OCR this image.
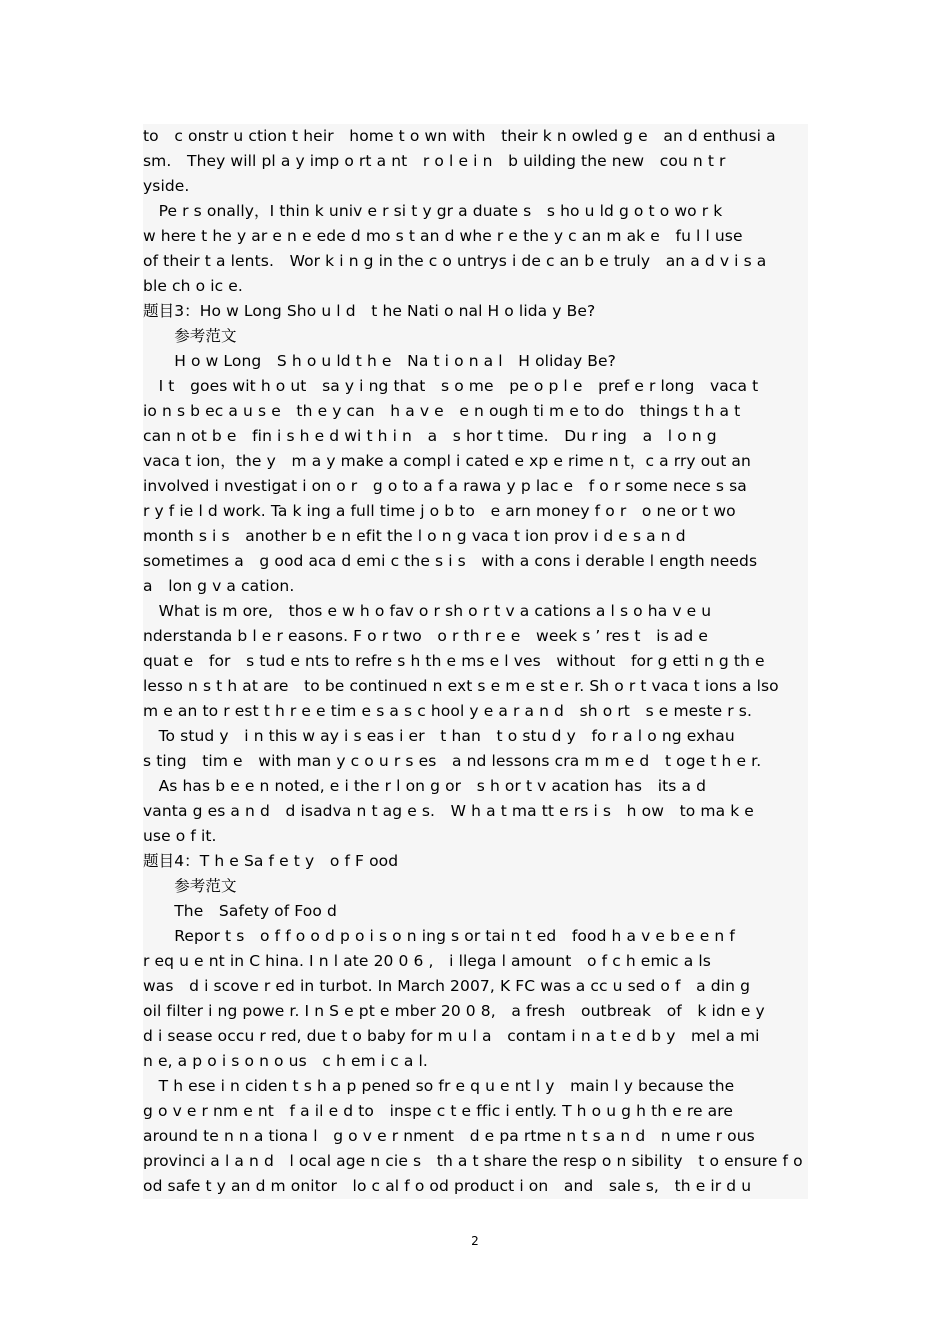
to　c onstr u ction t heir　home t o wn with　their k n owled g e　an d enthusi a
sm.　They will pl a y imp o rt a nt　r o l e i n　b uilding the new　cou n t r
yside.
　Pe r s onally，I thin k univ e r si t y gr a duate s　s ho u ld g o t o wo r k
w here t he y ar e n e ede d mo s t an d whe r e the y c an m ak e　fu l l use
of their t a lents.　Wor k i n g in the c o untrys i de c an b e truly　an a d v i s a
ble ch o ic e.
题目3：Ho w Long Sho u l d　t he Nati o nal H o lida y Be?
　　参考范文
　　H o w Long　S h o u ld t h e　Na t i o n a l　H oliday Be?
　I t　goes wit h o ut　sa y i ng that　s o me　pe o p l e　pref e r long　vaca t
io n s b ec a u s e　th e y can　h a v e　e n ough ti m e to do　things t h a t
can n ot b e　fin i s h e d wi t h i n　a　s hor t time.　Du r ing　a　l o n g
vaca t ion，the y　m a y make a compl i cated e xp e rime n t，c a rry out an
involved i nvestigat i on o r　g o to a f a rawa y p lac e　f o r some nece s sa
r y f ie l d work. Ta k ing a full time j o b to　e arn money f o r　o ne or t wo
month s i s　another b e n efit the l o n g vaca t ion prov i d e s a n d
sometimes a　g ood aca d emi c the s i s　with a cons i derable l ength needs
a　lon g v a cation.
　What is m ore,　thos e w h o fav o r sh o r t v a cations a l s o ha v e u
nderstanda b l e r easons. F o r two　o r th r e e　week s ’ res t　is ad e
quat e　for　s tud e nts to refre s h th e ms e l ves　without　for g etti n g th e
lesso n s t h at are　to be continued n ext s e m e st e r. Sh o r t vaca t ions a lso
m e an to r est t h r e e tim e s a s c hool y e a r a n d　sh o rt　s e meste r s.
　To stud y　i n this w ay i s eas i er　t han　t o stu d y　fo r a l o ng exhau
s ting　tim e　with man y c o u r s es　a nd lessons cra m m e d　t oge t h e r.
　As has b e e n noted, e i the r l on g or　s h or t v acation has　its a d
vanta g es a n d　d isadva n t ag e s.　W h a t ma tt e rs i s　h ow　to ma k e
use o f it.
题目4：T h e Sa f e t y　o f F ood
　　参考范文
　　The　Safety of Foo d
　　Repor t s　o f f o o d p o i s o n ing s or tai n t ed　food h a v e b e e n f
r eq u e nt in C hina. I n l ate 20 0 6 ,　i llega l amount　o f c h emic a ls
was　d i scove r ed in turbot. In March 2007, K FC was a cc u sed o f　a din g
oil filter i ng powe r. I n S e pt e mber 20 0 8,　a fresh　outbreak　of　k idn e y
d i sease occu r red, due t o baby for m u l a　contam i n a t e d b y　mel a mi
n e, a p o i s o n o us　c h em i c a l.
　T h ese i n ciden t s h a p pened so fr e q u e nt l y　main l y because the
g o v e r nm e nt　f a il e d to　inspe c t e ffic i ently. T h o u g h th e re are
around te n n a tiona l　g o v e r nment　d e pa rtme n t s a n d　n ume r ous
provinci a l a n d　l ocal age n cie s　th a t share the resp o n sibility　t o ensure f o
od safe t y an d m onitor　lo c al f o od product i on　and　sale s,　th e ir d u
2
